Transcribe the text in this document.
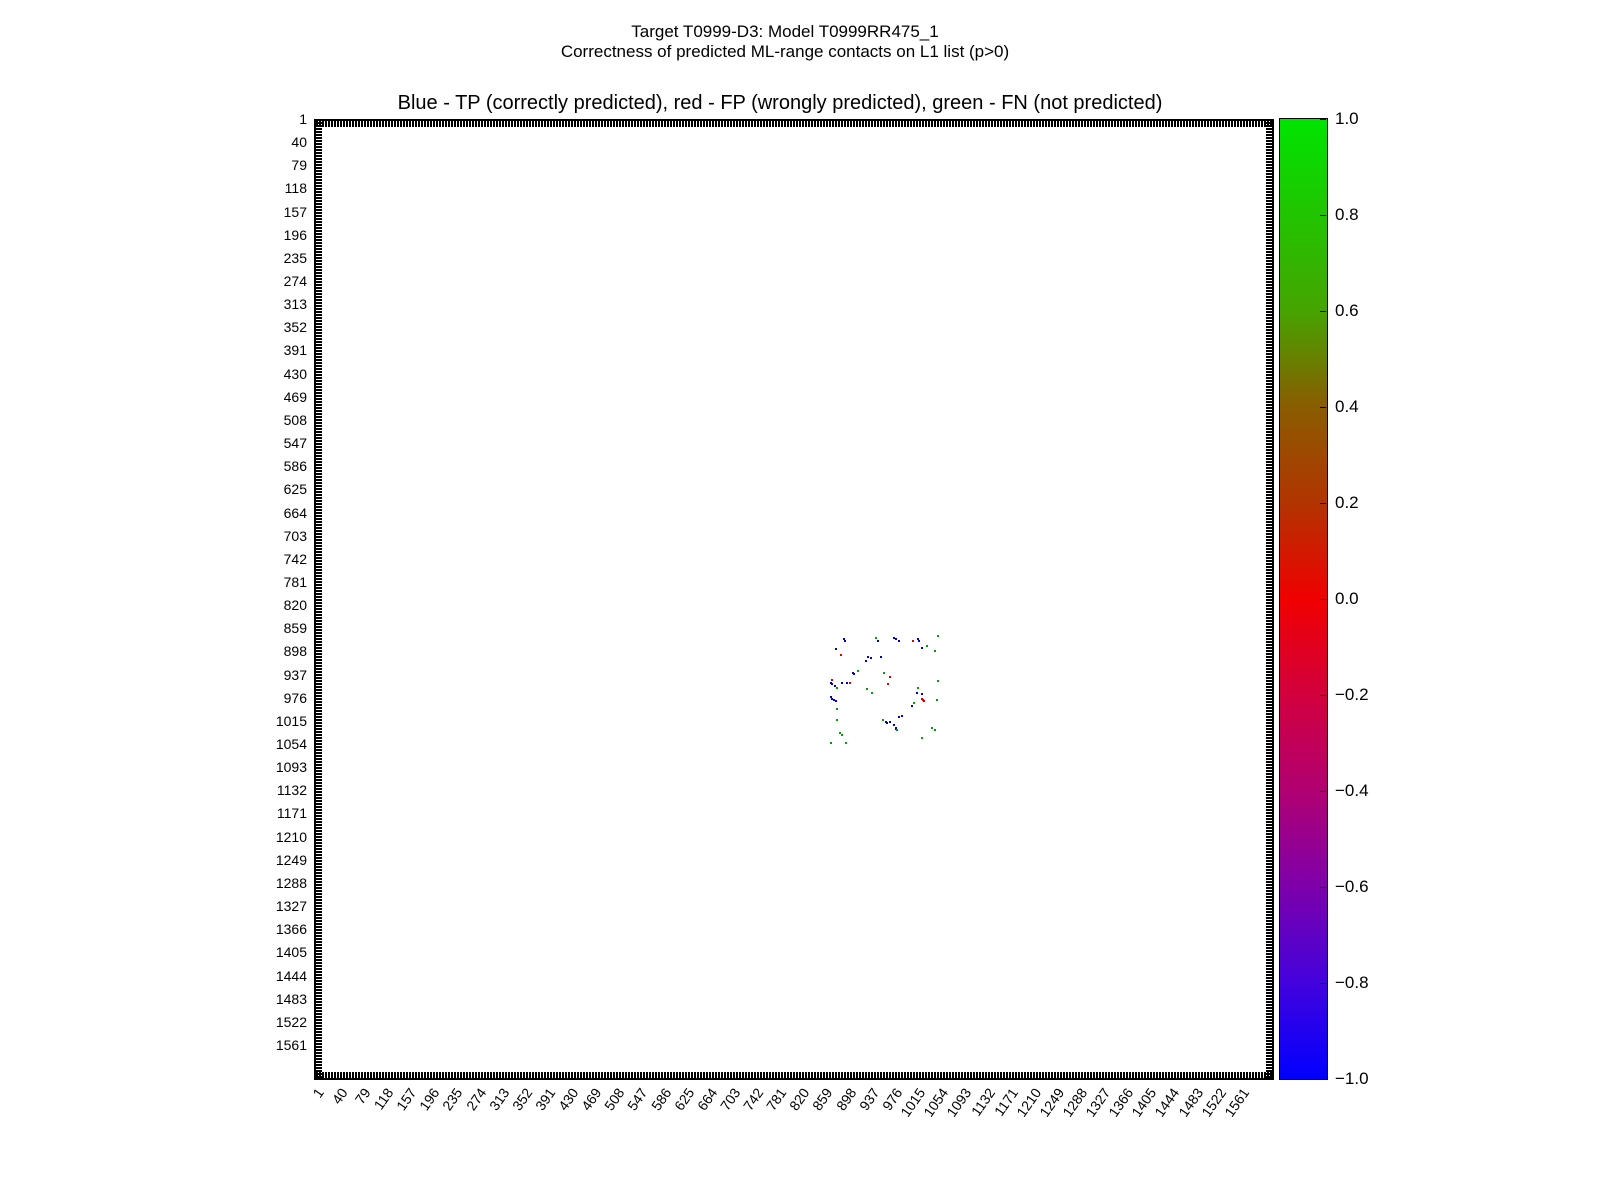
Target T0999-D3: Model T0999RR475_1
Correctness of predicted ML-range contacts on L1 list (p>0)
Blue - TP (correctly predicted), red - FP (wrongly predicted), green - FN (not predicted)
1
40
79
118
157
196
235
274
313
352
391
430
469
508
547
586
625
664
703
742
781
820
859
898
937
976
1015
1054
1093
1132
1171
1210
1249
1288
1327
1366
1405
1444
1483
1522
1561
1 40 79
118
157
196
235
274
313
352
391
430
469
508
547
586
625
664
703
742
781
820
859
898
937
976
1015
1054
1093
1132
1171
1210
1249
1288
1327
1366
1405
1444
1483
1522
1561
1.0
0.8
0.6
0.4
0.2
0.0
−0.2
−0.4
−0.6
−0.8
−1.0
